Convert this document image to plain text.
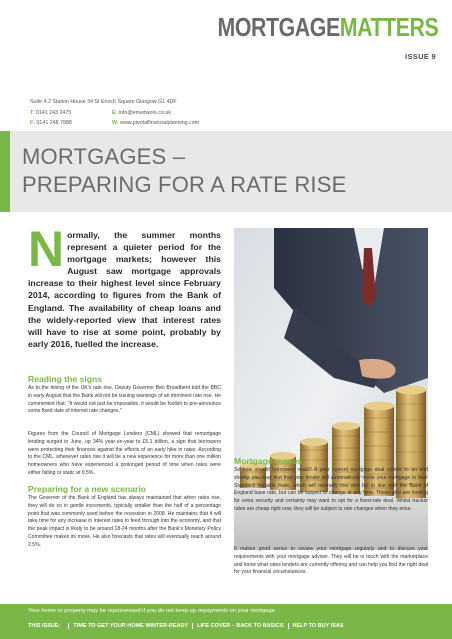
MORTGAGEMATTERS
ISSUE 9
Suite 4.2 Station House 34 St Enoch Square Glasgow G1 4DF
T: 0141 243 2475	E: info@envetwork.co.uk
F: 0141 248 7888	W: www.pivotalfinancialplanning.com
MORTGAGES –
PREPARING FOR A RATE RISE
Normally, the summer months represent a quieter period for the mortgage markets; however this August saw mortgage approvals increase to their highest level since February 2014, according to figures from the Bank of England. The availability of cheap loans and the widely-reported view that interest rates will have to rise at some point, probably by early 2016, fuelled the increase.
Reading the signs

As to the timing of the UK's rate rise, Deputy Governor Ben Broadbent told the BBC in early August that the Bank will not be issuing warnings of an imminent rate rise. He commented that: "It would not just be impossible, it would be foolish to pre-announce some fixed date of interest rate changes."

Figures from the Council of Mortgage Lenders (CML) showed that remortgage lending surged in June, up 34% year-on-year to £5.1 billion, a sign that borrowers were protecting their finances against the effects of an early hike in rates. According to the CML, whenever rates rise it will be a new experience for more than one million homeowners who have experienced a prolonged period of time when rates were either falling or static at 0.5%.

Preparing for a new scenario

The Governor of the Bank of England has always maintained that when rates rise, they will do so in gentle increments, typically smaller than the half of a percentage point that was commonly used before the recession in 2008. He maintains that it will take time for any increase in interest rates to feed through into the economy, and that the peak impact is likely to be around 18-24 months after the Bank's Monetary Policy Committee makes its move. He also forecasts that rates will eventually reach around 2.5%.

Mortgage moves

So how should borrowers react? If your current mortgage deal comes to an end shortly, you may find that your lender will automatically move your mortgage to their Standard Variable Rate, which will normally rise and fall in line with the Bank of England base rate, but can be subject to change at any time. Those who are looking for extra security and certainty may want to opt for a fixed-rate deal. Whilst tracker rates are cheap right now, they will be subject to rate changes when they arise.

It makes good sense to review your mortgage regularly and to discuss your requirements with your mortgage adviser. They will be in touch with the marketplace and know what rates lenders are currently offering and can help you find the right deal for your financial circumstances.

Your home or property may be repossessed if you do not keep up repayments on your mortgage.
THIS ISSUE:	TIME TO GET YOUR HOME WINTER-READY	LIFE COVER – BACK TO BASICS	HELP TO BUY ISAS
